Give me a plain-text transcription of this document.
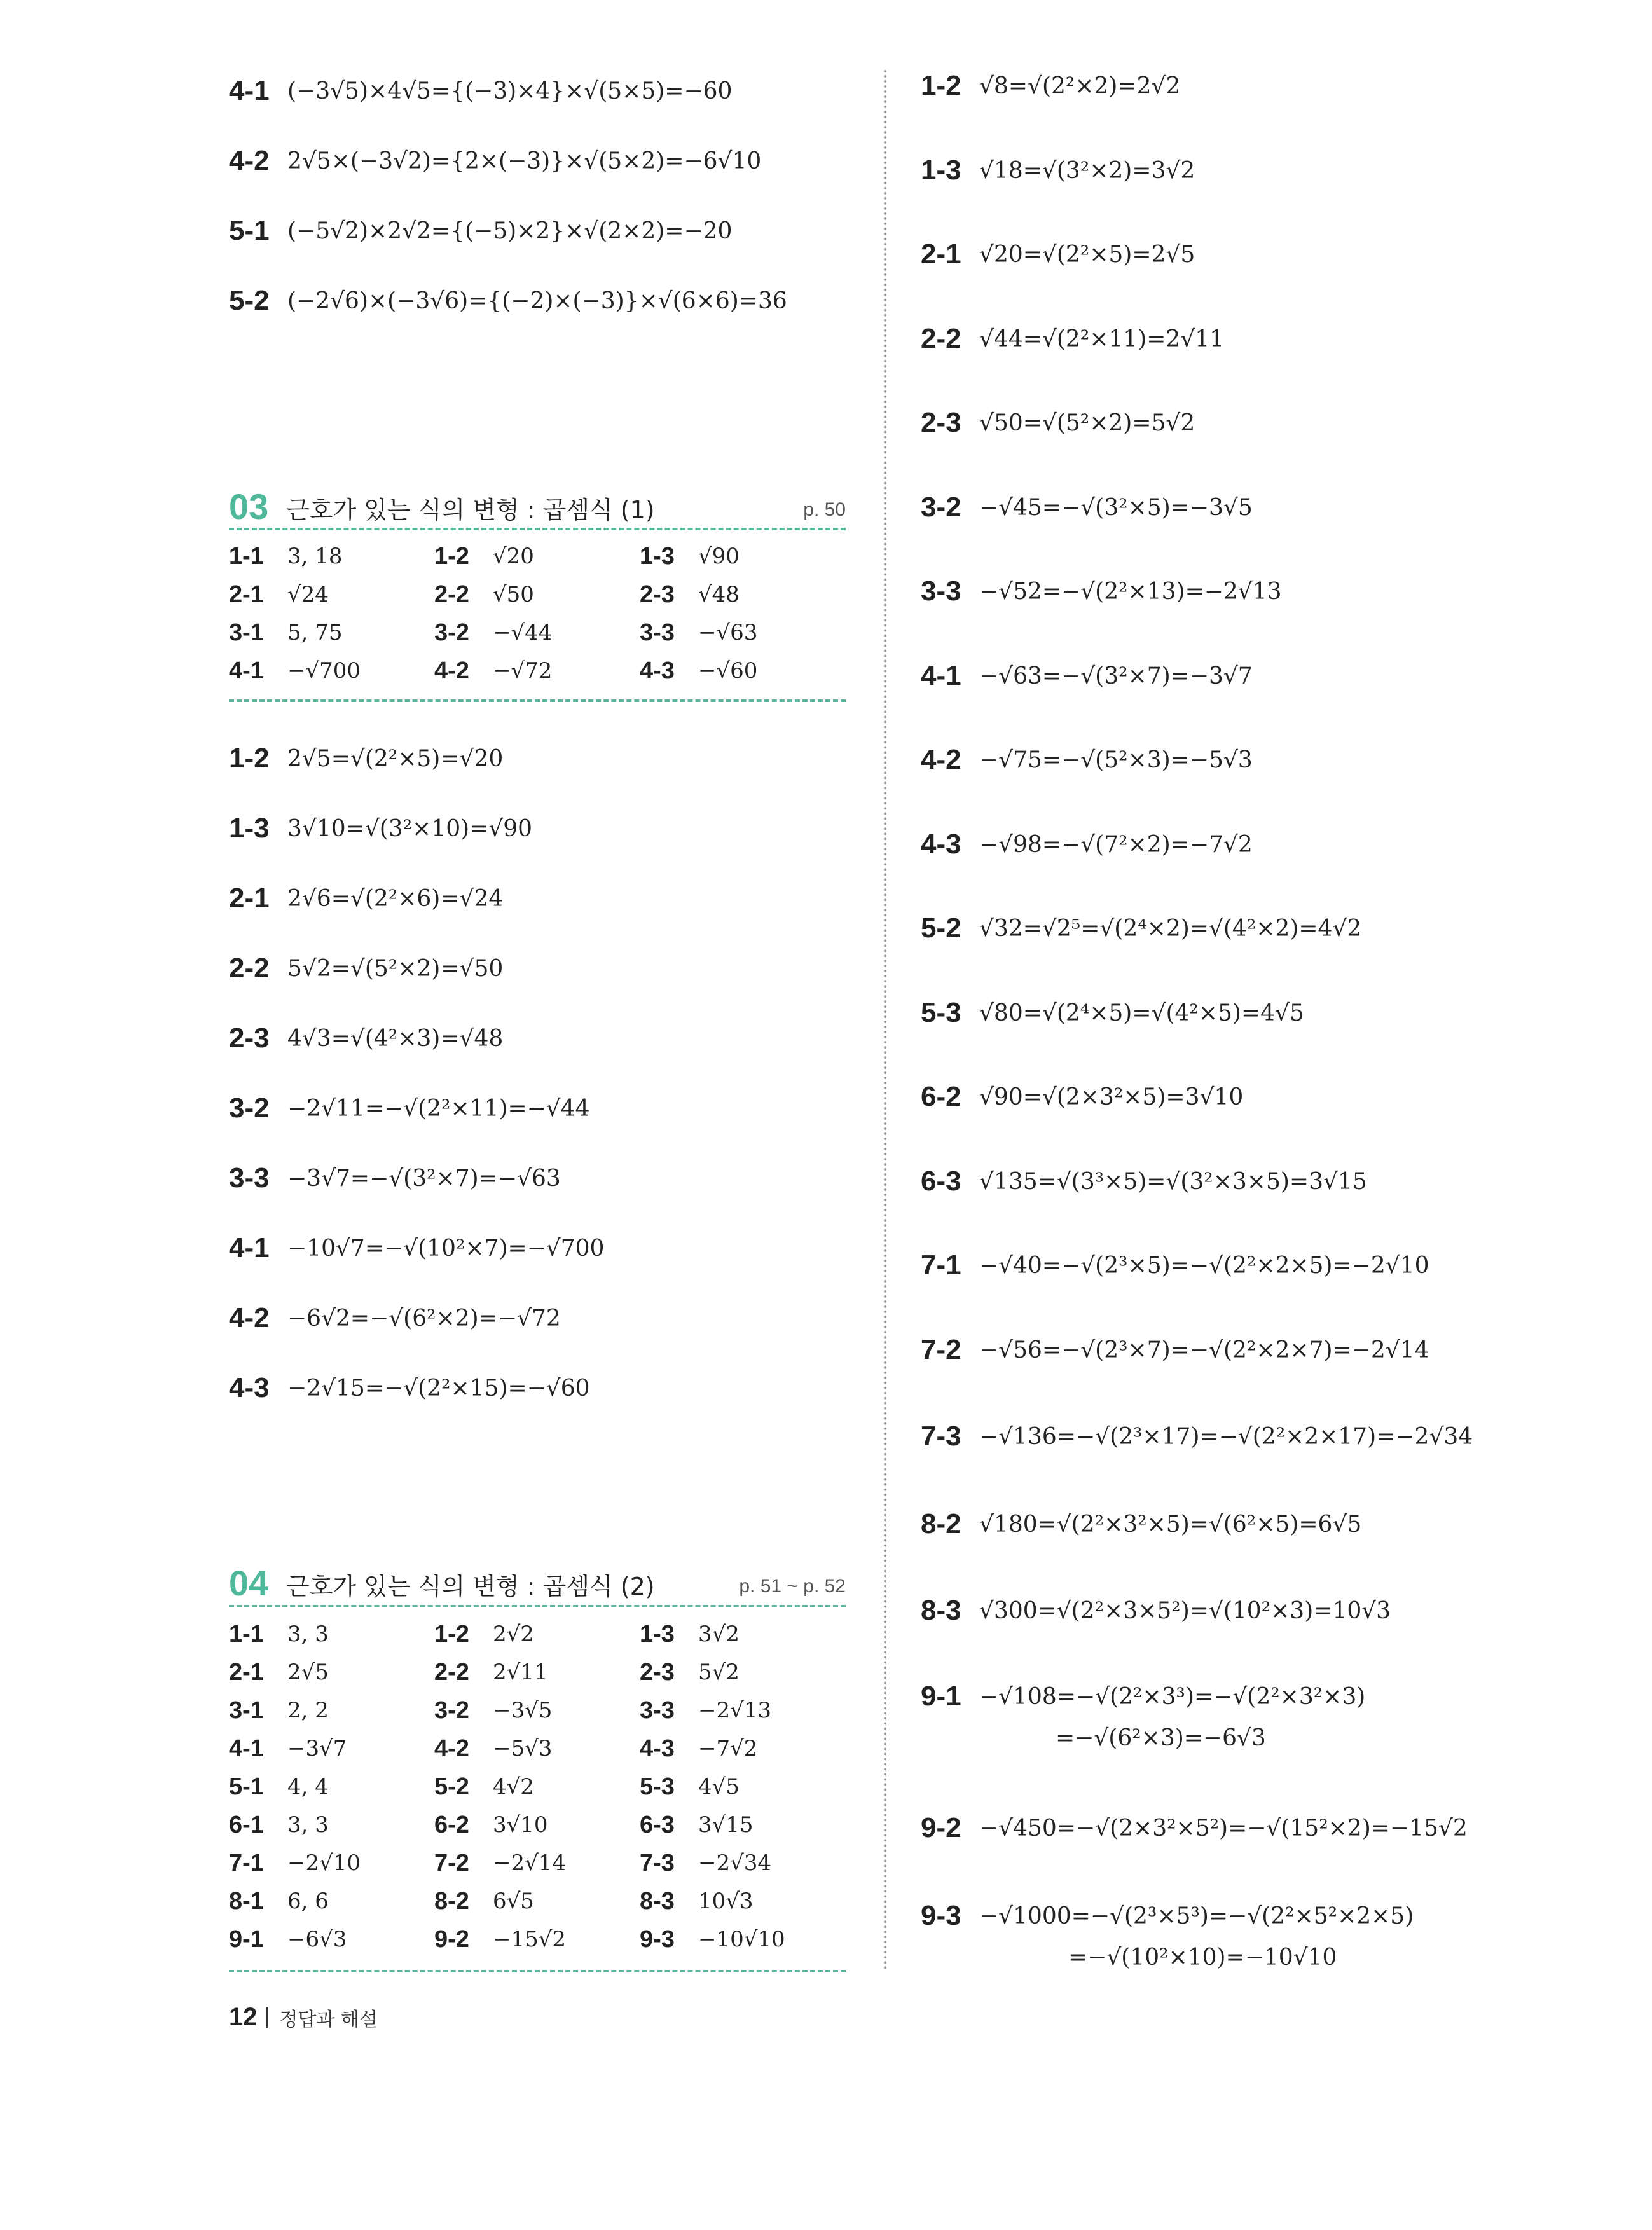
4-1 (−3√5)×4√5={(−3)×4}×√(5×5)=−60
4-2 2√5×(−3√2)={2×(−3)}×√(5×2)=−6√10
5-1 (−5√2)×2√2={(−5)×2}×√(2×2)=−20
5-2 (−2√6)×(−3√6)={(−2)×(−3)}×√(6×6)=36
03 근호가 있는 식의 변형 : 곱셈식 (1)	p. 50
1-1	3, 18	1-2	√20	1-3	√90
2-1	√24	2-2	√50	2-3	√48
3-1	5, 75	3-2	−√44	3-3	−√63
4-1	−√700	4-2	−√72	4-3	−√60
1-2 2√5=√(2²×5)=√20
1-3 3√10=√(3²×10)=√90
2-1 2√6=√(2²×6)=√24
2-2 5√2=√(5²×2)=√50
2-3 4√3=√(4²×3)=√48
3-2 −2√11=−√(2²×11)=−√44
3-3 −3√7=−√(3²×7)=−√63
4-1 −10√7=−√(10²×7)=−√700
4-2 −6√2=−√(6²×2)=−√72
4-3 −2√15=−√(2²×15)=−√60
04 근호가 있는 식의 변형 : 곱셈식 (2)	p. 51 ~ p. 52
1-1	3, 3	1-2	2√2	1-3	3√2
2-1	2√5	2-2	2√11	2-3	5√2
3-1	2, 2	3-2	−3√5	3-3	−2√13
4-1	−3√7	4-2	−5√3	4-3	−7√2
5-1	4, 4	5-2	4√2	5-3	4√5
6-1	3, 3	6-2	3√10	6-3	3√15
7-1	−2√10	7-2	−2√14	7-3	−2√34
8-1	6, 6	8-2	6√5	8-3	10√3
9-1	−6√3	9-2	−15√2	9-3	−10√10
1-2 √8=√(2²×2)=2√2
1-3 √18=√(3²×2)=3√2
2-1 √20=√(2²×5)=2√5
2-2 √44=√(2²×11)=2√11
2-3 √50=√(5²×2)=5√2
3-2 −√45=−√(3²×5)=−3√5
3-3 −√52=−√(2²×13)=−2√13
4-1 −√63=−√(3²×7)=−3√7
4-2 −√75=−√(5²×3)=−5√3
4-3 −√98=−√(7²×2)=−7√2
5-2 √32=√2⁵=√(2⁴×2)=√(4²×2)=4√2
5-3 √80=√(2⁴×5)=√(4²×5)=4√5
6-2 √90=√(2×3²×5)=3√10
6-3 √135=√(3³×5)=√(3²×3×5)=3√15
7-1 −√40=−√(2³×5)=−√(2²×2×5)=−2√10
7-2 −√56=−√(2³×7)=−√(2²×2×7)=−2√14
7-3 −√136=−√(2³×17)=−√(2²×2×17)=−2√34
8-2 √180=√(2²×3²×5)=√(6²×5)=6√5
8-3 √300=√(2²×3×5²)=√(10²×3)=10√3
9-1 −√108=−√(2²×3³)=−√(2²×3²×3)
=−√(6²×3)=−6√3
9-2 −√450=−√(2×3²×5²)=−√(15²×2)=−15√2
9-3 −√1000=−√(2³×5³)=−√(2²×5²×2×5)
=−√(10²×10)=−10√10
12 정답과 해설
